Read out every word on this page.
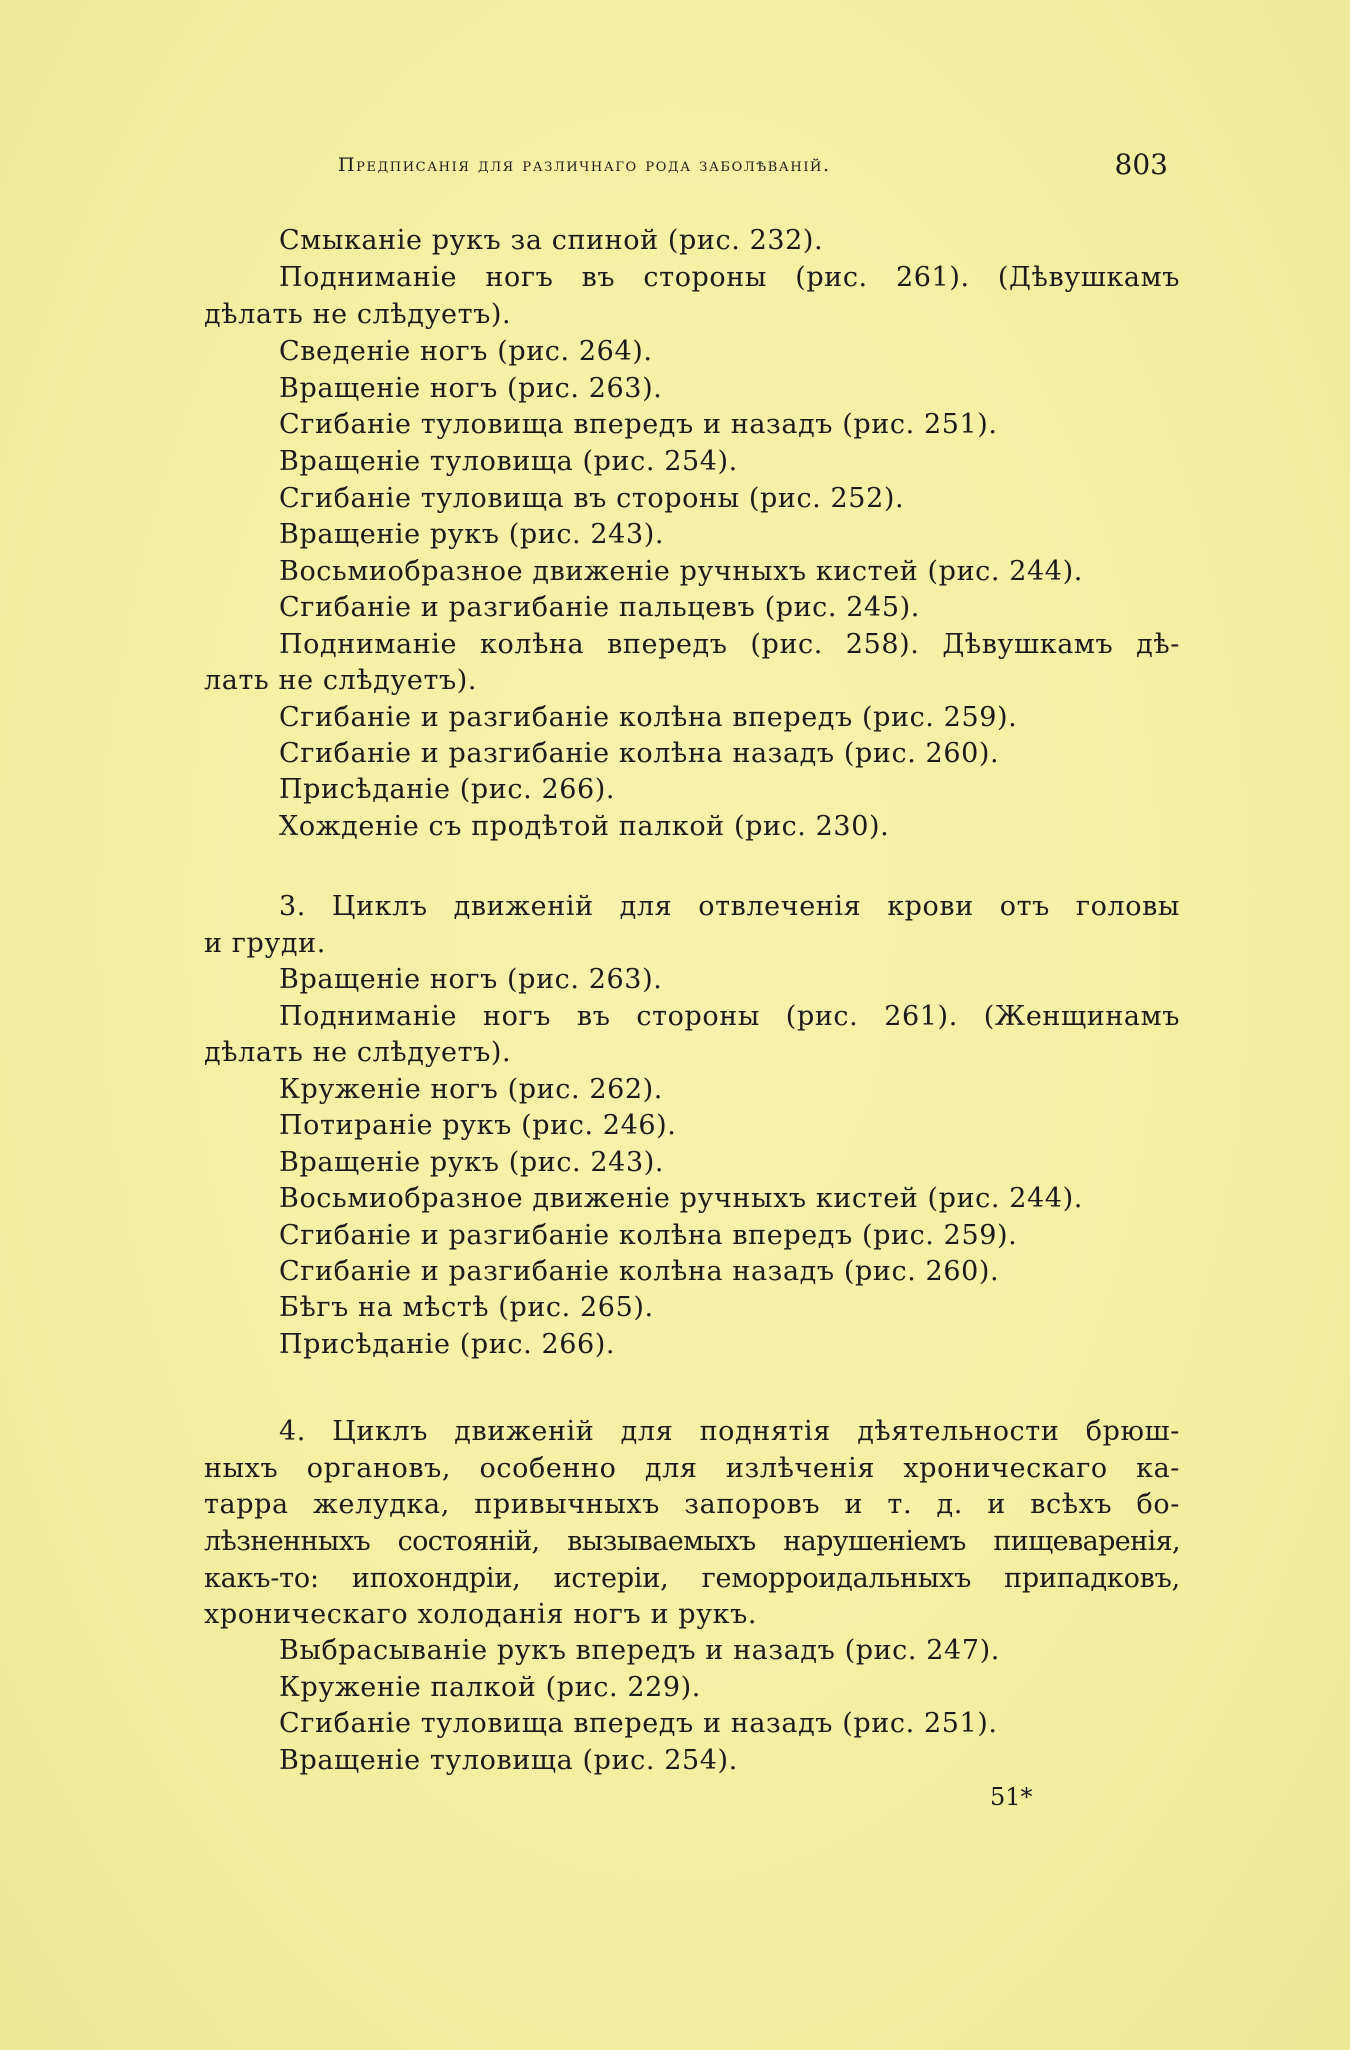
Предписанія для различнаго рода заболѣваній.	803
Смыканіе рукъ за спиной (рис. 232).
Подниманіе ногъ въ стороны (рис. 261). (Дѣвушкамъ
дѣлать не слѣдуетъ).
Сведеніе ногъ (рис. 264).
Вращеніе ногъ (рис. 263).
Сгибаніе туловища впередъ и назадъ (рис. 251).
Вращеніе туловища (рис. 254).
Сгибаніе туловища въ стороны (рис. 252).
Вращеніе рукъ (рис. 243).
Восьмиобразное движеніе ручныхъ кистей (рис. 244).
Сгибаніе и разгибаніе пальцевъ (рис. 245).
Подниманіе колѣна впередъ (рис. 258). Дѣвушкамъ дѣ-
лать не слѣдуетъ).
Сгибаніе и разгибаніе колѣна впередъ (рис. 259).
Сгибаніе и разгибаніе колѣна назадъ (рис. 260).
Присѣданіе (рис. 266).
Хожденіе съ продѣтой палкой (рис. 230).
3. Циклъ движеній для отвлеченія крови отъ головы
и груди.
Вращеніе ногъ (рис. 263).
Подниманіе ногъ въ стороны (рис. 261). (Женщинамъ
дѣлать не слѣдуетъ).
Круженіе ногъ (рис. 262).
Потираніе рукъ (рис. 246).
Вращеніе рукъ (рис. 243).
Восьмиобразное движеніе ручныхъ кистей (рис. 244).
Сгибаніе и разгибаніе колѣна впередъ (рис. 259).
Сгибаніе и разгибаніе колѣна назадъ (рис. 260).
Бѣгъ на мѣстѣ (рис. 265).
Присѣданіе (рис. 266).
4. Циклъ движеній для поднятія дѣятельности брюш-
ныхъ органовъ, особенно для излѣченія хроническаго ка-
тарра желудка, привычныхъ запоровъ и т. д. и всѣхъ бо-
лѣзненныхъ состояній, вызываемыхъ нарушеніемъ пищеваренія,
какъ-то: ипохондріи, истеріи, геморроидальныхъ припадковъ,
хроническаго холоданія ногъ и рукъ.
Выбрасываніе рукъ впередъ и назадъ (рис. 247).
Круженіе палкой (рис. 229).
Сгибаніе туловища впередъ и назадъ (рис. 251).
Вращеніе туловища (рис. 254).
51*
